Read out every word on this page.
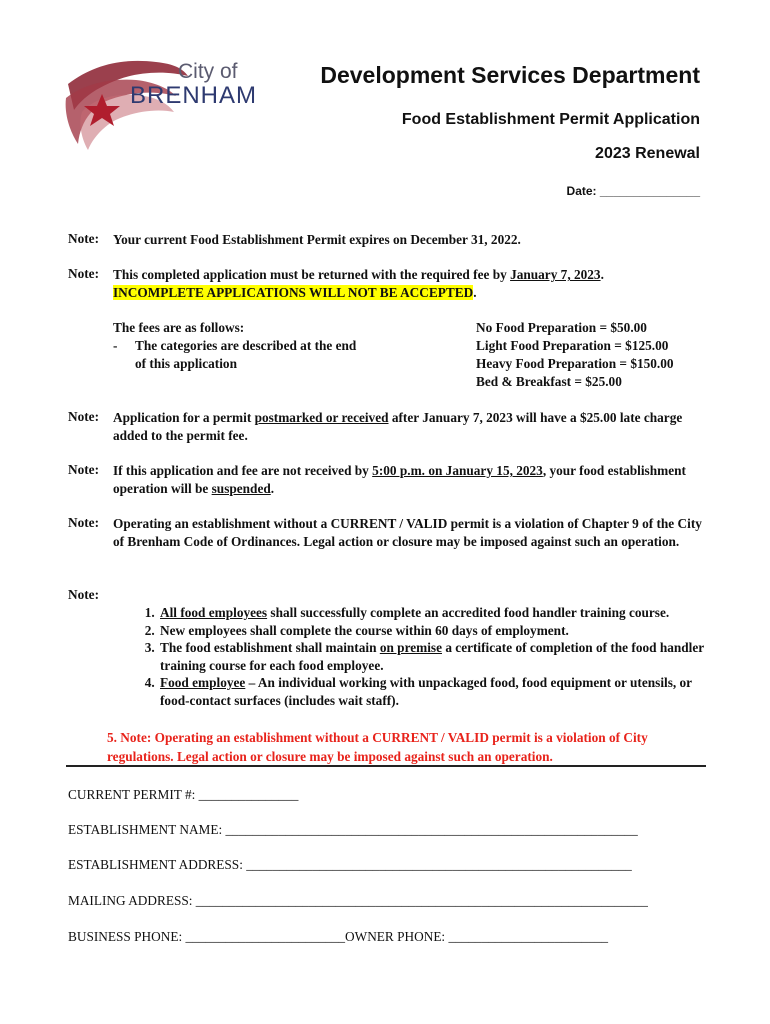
City of
BRENHAM
Development Services Department
Food Establishment Permit Application
2023 Renewal
Date: _______________
Note: Your current Food Establishment Permit expires on December 31, 2022.
Note: This completed application must be returned with the required fee by January 7, 2023.
INCOMPLETE APPLICATIONS WILL NOT BE ACCEPTED.
The fees are as follows:
-	The categories are described at the end
of this application
No Food Preparation = $50.00
Light Food Preparation = $125.00
Heavy Food Preparation = $150.00
Bed & Breakfast = $25.00
Note: Application for a permit postmarked or received after January 7, 2023 will have a $25.00 late charge added to the permit fee.
Note: If this application and fee are not received by 5:00 p.m. on January 15, 2023, your food establishment operation will be suspended.
Note: Operating an establishment without a CURRENT / VALID permit is a violation of Chapter 9 of the City of Brenham Code of Ordinances. Legal action or closure may be imposed against such an operation.
Note:
1. All food employees shall successfully complete an accredited food handler training course.
2. New employees shall complete the course within 60 days of employment.
3. The food establishment shall maintain on premise a certificate of completion of the food handler training course for each food employee.
4. Food employee – An individual working with unpackaged food, food equipment or utensils, or food-contact surfaces (includes wait staff).
5. Note: Operating an establishment without a CURRENT / VALID permit is a violation of City regulations. Legal action or closure may be imposed against such an operation.
CURRENT PERMIT #: _______________
ESTABLISHMENT NAME: ______________________________________________________________
ESTABLISHMENT ADDRESS: __________________________________________________________
MAILING ADDRESS: ____________________________________________________________________
BUSINESS PHONE: ________________________OWNER PHONE: ________________________
